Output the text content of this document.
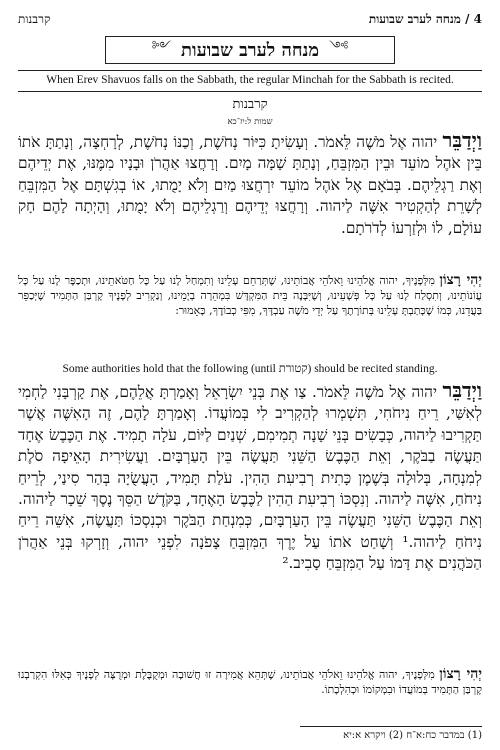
קרבנות	4 / מנחה לערב שבועות
༻
מנחה לערב שבועות
༺
When Erev Shavuos falls on the Sabbath, the regular Minchah for the Sabbath is recited.
קרבנות
שמות ל:יז־כא
וַיְדַבֵּר יהוה אֶל מֹשֶׁה לֵּאמֹר. וְעָשִׂיתָ כִּיּוֹר נְחֹשֶׁת, וְכַנּוֹ נְחֹשֶׁת, לְרָחְצָה, וְנָתַתָּ אֹתוֹ בֵּין אֹהֶל מוֹעֵד וּבֵין הַמִּזְבֵּחַ, וְנָתַתָּ שָׁמָּה מָיִם. וְרָחֲצוּ אַהֲרֹן וּבָנָיו מִמֶּנּוּ, אֶת יְדֵיהֶם וְאֶת רַגְלֵיהֶם. בְּבֹאָם אֶל אֹהֶל מוֹעֵד יִרְחֲצוּ מַיִם וְלֹא יָמֻתוּ, אוֹ בְגִשְׁתָּם אֶל הַמִּזְבֵּחַ לְשָׁרֵת לְהַקְטִיר אִשֶּׁה לַיהוה. וְרָחֲצוּ יְדֵיהֶם וְרַגְלֵיהֶם וְלֹא יָמֻתוּ, וְהָיְתָה לָהֶם חָק עוֹלָם, לוֹ וּלְזַרְעוֹ לְדֹרֹתָם.
יְהִי רָצוֹן מִלְּפָנֶיךָ, יהוה אֱלֹהֵינוּ וֵאלֹהֵי אֲבוֹתֵינוּ, שֶׁתְּרַחֵם עָלֵינוּ וְתִמְחַל לָנוּ עַל כָּל חַטֹּאתֵינוּ, וּתְכַפֶּר לָנוּ עַל כָּל עֲוֹנוֹתֵינוּ, וְתִסְלַח לָנוּ עַל כָּל פְּשָׁעֵינוּ, וְשֶׁיִּבָּנֶה בֵּית הַמִּקְדָּשׁ בִּמְהֵרָה בְיָמֵינוּ, וְנַקְרִיב לְפָנֶיךָ קָרְבַּן הַתָּמִיד שֶׁיְּכַפֵּר בַּעֲדֵנוּ, כְּמוֹ שֶׁכָּתַבְתָּ עָלֵינוּ בְּתוֹרָתֶךָ עַל יְדֵי מֹשֶׁה עַבְדֶּךָ, מִפִּי כְבוֹדֶךָ, כָּאָמוּר:
Some authorities hold that the following (until קטורת) should be recited standing.
וַיְדַבֵּר יהוה אֶל מֹשֶׁה לֵּאמֹר. צַו אֶת בְּנֵי יִשְׂרָאֵל וְאָמַרְתָּ אֲלֵהֶם, אֶת קָרְבָּנִי לַחְמִי לְאִשַּׁי, רֵיחַ נִיחֹחִי, תִּשְׁמְרוּ לְהַקְרִיב לִי בְּמוֹעֲדוֹ. וְאָמַרְתָּ לָהֶם, זֶה הָאִשֶּׁה אֲשֶׁר תַּקְרִיבוּ לַיהוה, כְּבָשִׂים בְּנֵי שָׁנָה תְמִימִם, שְׁנַיִם לַיּוֹם, עֹלָה תָמִיד. אֶת הַכֶּבֶשׂ אֶחָד תַּעֲשֶׂה בַבֹּקֶר, וְאֵת הַכֶּבֶשׂ הַשֵּׁנִי תַּעֲשֶׂה בֵּין הָעַרְבָּיִם. וַעֲשִׂירִית הָאֵיפָה סֹלֶת לְמִנְחָה, בְּלוּלָה בְּשֶׁמֶן כָּתִית רְבִיעִת הַהִין. עֹלַת תָּמִיד, הָעֲשֻׂיָה בְּהַר סִינַי, לְרֵיחַ נִיחֹחַ, אִשֶּׁה לַיהוה. וְנִסְכּוֹ רְבִיעִת הַהִין לַכֶּבֶשׂ הָאֶחָד, בַּקֹּדֶשׁ הַסֵּךְ נֶסֶךְ שֵׁכָר לַיהוה. וְאֵת הַכֶּבֶשׂ הַשֵּׁנִי תַּעֲשֶׂה בֵּין הָעַרְבָּיִם, כְּמִנְחַת הַבֹּקֶר וּכְנִסְכּוֹ תַּעֲשֶׂה, אִשֵּׁה רֵיחַ נִיחֹחַ לַיהוה.¹ וְשָׁחַט אֹתוֹ עַל יֶרֶךְ הַמִּזְבֵּחַ צָפֹנָה לִפְנֵי יהוה, וְזָרְקוּ בְּנֵי אַהֲרֹן הַכֹּהֲנִים אֶת דָּמוֹ עַל הַמִּזְבֵּחַ סָבִיב.²
יְהִי רָצוֹן מִלְּפָנֶיךָ, יהוה אֱלֹהֵינוּ וֵאלֹהֵי אֲבוֹתֵינוּ, שֶׁתְּהֵא אֲמִירָה זוּ חֲשׁוּבָה וּמְקֻבֶּלֶת וּמְרֻצָּה לְפָנֶיךָ כְּאִלּוּ הִקְרַבְנוּ קָרְבַּן הַתָּמִיד בְּמוֹעֲדוֹ וּבִמְקוֹמוֹ וּכְהִלְכָתוֹ.
(1) במדבר כח:א־ח (2) ויקרא א:יא
